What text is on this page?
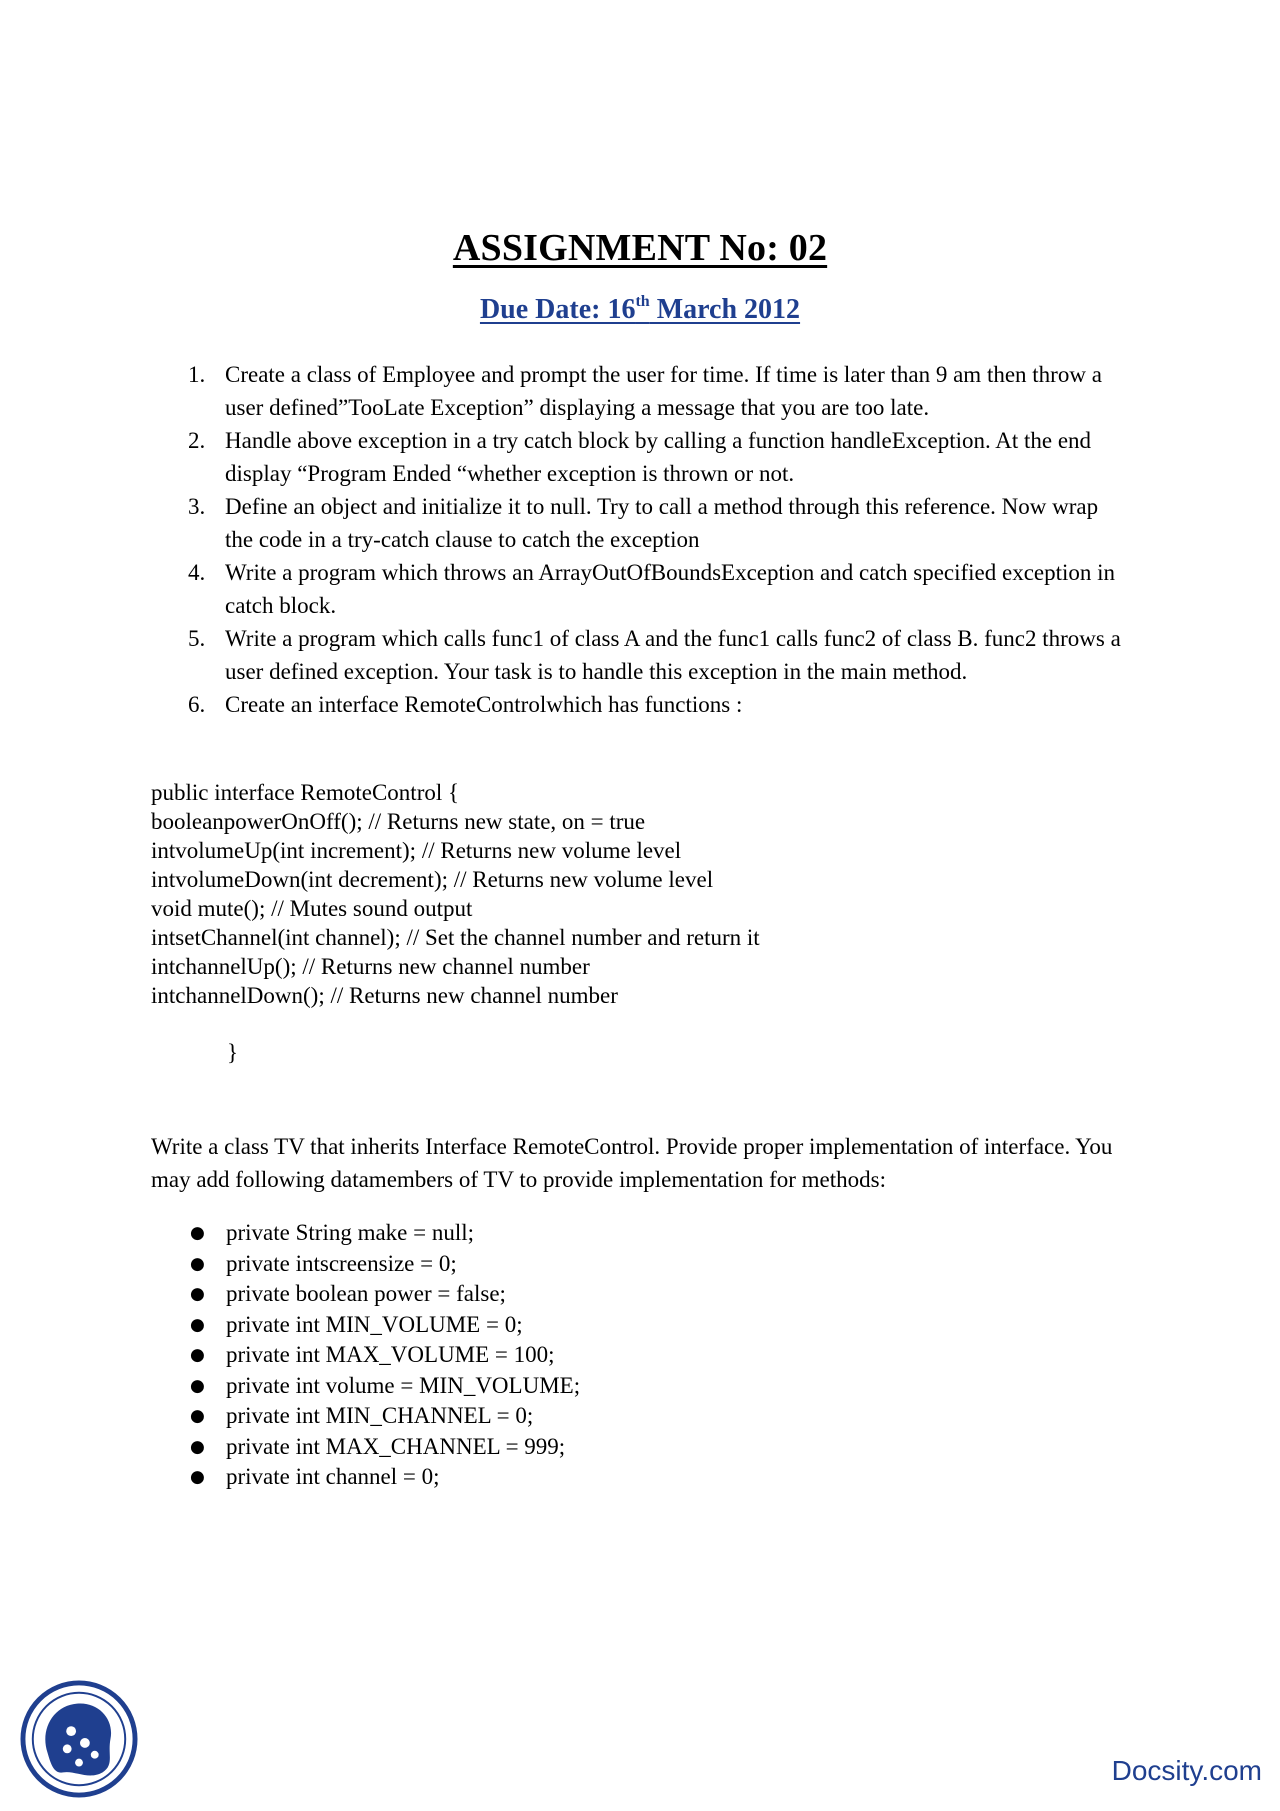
ASSIGNMENT No: 02
Due Date: 16th March 2012
1. Create a class of Employee and prompt the user for time. If time is later than 9 am then throw a user defined”TooLate Exception” displaying a message that you are too late.
2. Handle above exception in a try catch block by calling a function handleException. At the end display “Program Ended “whether exception is thrown or not.
3. Define an object and initialize it to null. Try to call a method through this reference. Now wrap the code in a try-catch clause to catch the exception
4. Write a program which throws an ArrayOutOfBoundsException and catch specified exception in catch block.
5. Write a program which calls func1 of class A and the func1 calls func2 of class B. func2 throws a user defined exception. Your task is to handle this exception in the main method.
6. Create an interface RemoteControlwhich has functions :
public interface RemoteControl {
booleanpowerOnOff(); // Returns new state, on = true
intvolumeUp(int increment); // Returns new volume level
intvolumeDown(int decrement); // Returns new volume level
void mute(); // Mutes sound output
intsetChannel(int channel); // Set the channel number and return it
intchannelUp(); // Returns new channel number
intchannelDown(); // Returns new channel number
}
Write a class TV that inherits Interface RemoteControl. Provide proper implementation of interface. You may add following datamembers of TV to provide implementation for methods:
● private String make = null;
● private intscreensize = 0;
● private boolean power = false;
● private int MIN_VOLUME = 0;
● private int MAX_VOLUME = 100;
● private int volume = MIN_VOLUME;
● private int MIN_CHANNEL = 0;
● private int MAX_CHANNEL = 999;
● private int channel = 0;
Docsity.com
